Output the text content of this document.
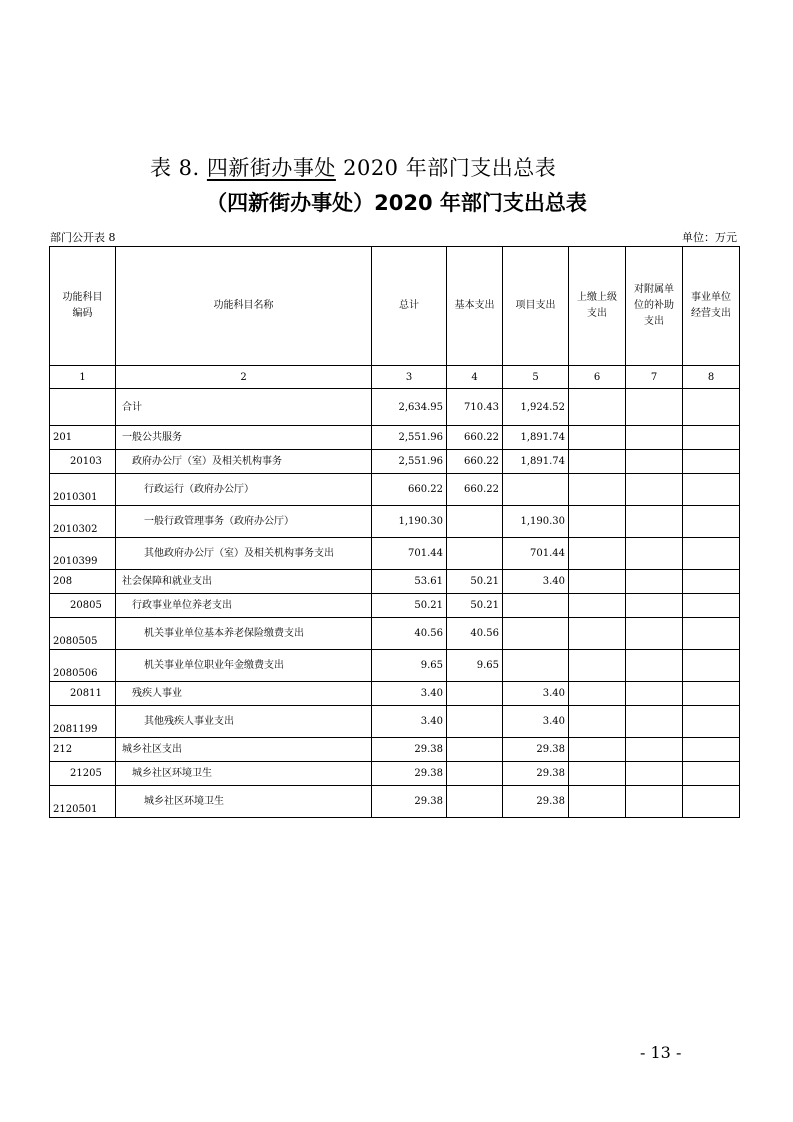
表 8. 四新街办事处 2020 年部门支出总表
（四新街办事处）2020 年部门支出总表
部门公开表 8	单位：万元
功能科目编码	功能科目名称	总计	基本支出	项目支出	上缴上级支出	对附属单位的补助支出	事业单位经营支出
1	2	3	4	5	6	7	8
	合计	2,634.95	710.43	1,924.52			
201	一般公共服务	2,551.96	660.22	1,891.74			
20103	政府办公厅（室）及相关机构事务	2,551.96	660.22	1,891.74			
2010301	行政运行（政府办公厅）	660.22	660.22				
2010302	一般行政管理事务（政府办公厅）	1,190.30		1,190.30			
2010399	其他政府办公厅（室）及相关机构事务支出	701.44		701.44			
208	社会保障和就业支出	53.61	50.21	3.40			
20805	行政事业单位养老支出	50.21	50.21				
2080505	机关事业单位基本养老保险缴费支出	40.56	40.56				
2080506	机关事业单位职业年金缴费支出	9.65	9.65				
20811	残疾人事业	3.40		3.40			
2081199	其他残疾人事业支出	3.40		3.40			
212	城乡社区支出	29.38		29.38			
21205	城乡社区环境卫生	29.38		29.38			
2120501	城乡社区环境卫生	29.38		29.38			
- 13 -
